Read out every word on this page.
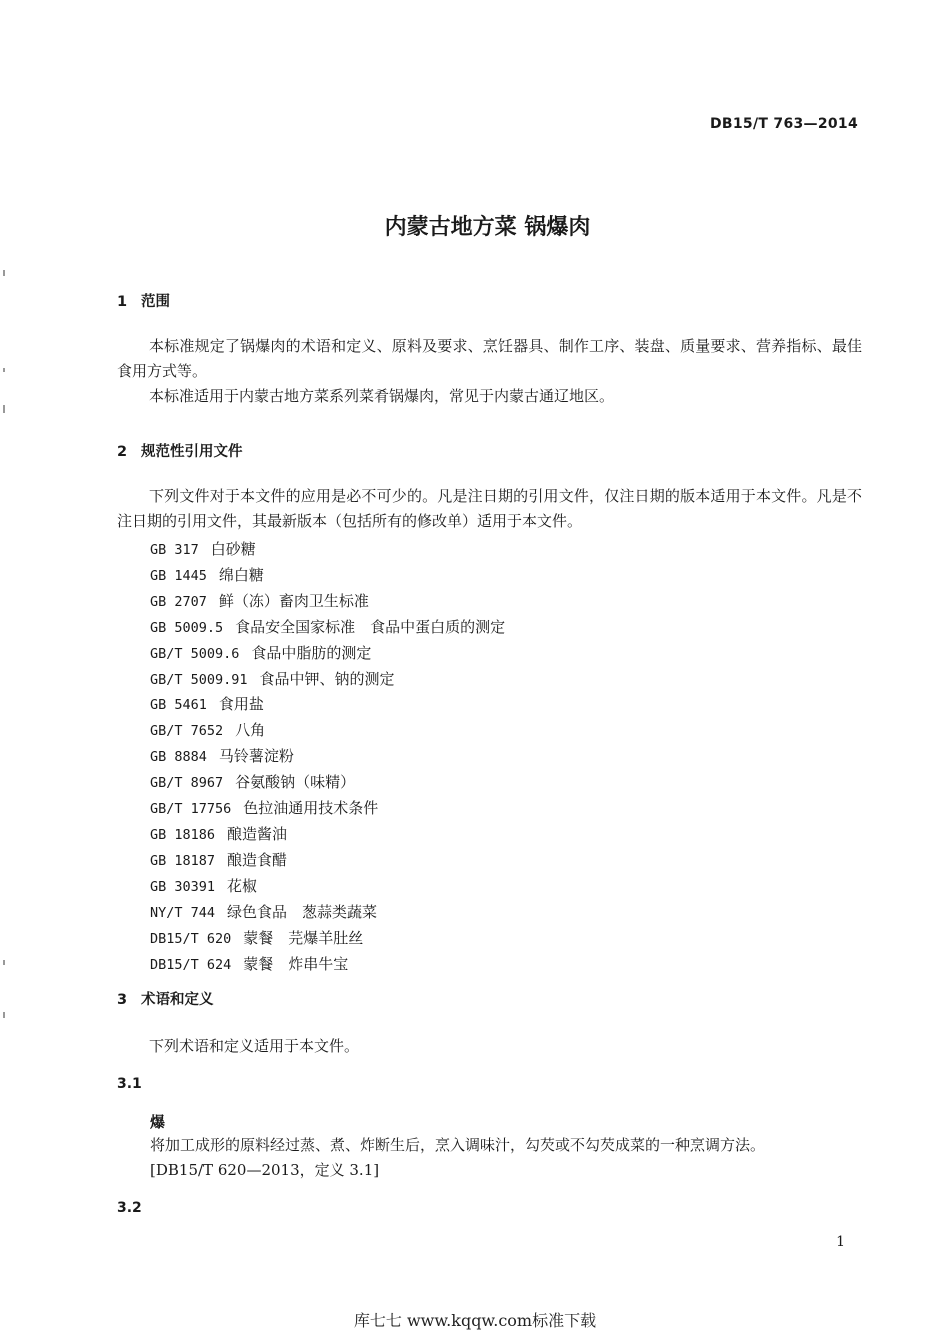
DB15/T 763—2014
内蒙古地方菜 锅爆肉
1 范围
本标准规定了锅爆肉的术语和定义、原料及要求、烹饪器具、制作工序、装盘、质量要求、营养指标、最佳食用方式等。
本标准适用于内蒙古地方菜系列菜肴锅爆肉，常见于内蒙古通辽地区。
2 规范性引用文件
下列文件对于本文件的应用是必不可少的。凡是注日期的引用文件，仅注日期的版本适用于本文件。凡是不注日期的引用文件，其最新版本（包括所有的修改单）适用于本文件。
GB 317 白砂糖
GB 1445 绵白糖
GB 2707 鲜（冻）畜肉卫生标准
GB 5009.5 食品安全国家标准　食品中蛋白质的测定
GB/T 5009.6 食品中脂肪的测定
GB/T 5009.91 食品中钾、钠的测定
GB 5461 食用盐
GB/T 7652 八角
GB 8884 马铃薯淀粉
GB/T 8967 谷氨酸钠（味精）
GB/T 17756 色拉油通用技术条件
GB 18186 酿造酱油
GB 18187 酿造食醋
GB 30391 花椒
NY/T 744 绿色食品　葱蒜类蔬菜
DB15/T 620 蒙餐　芫爆羊肚丝
DB15/T 624 蒙餐　炸串牛宝
3 术语和定义
下列术语和定义适用于本文件。
3.1
爆
将加工成形的原料经过蒸、煮、炸断生后，烹入调味汁，勾芡或不勾芡成菜的一种烹调方法。
[DB15/T 620—2013，定义 3.1]
3.2
1
库七七 www.kqqw.com标准下载
